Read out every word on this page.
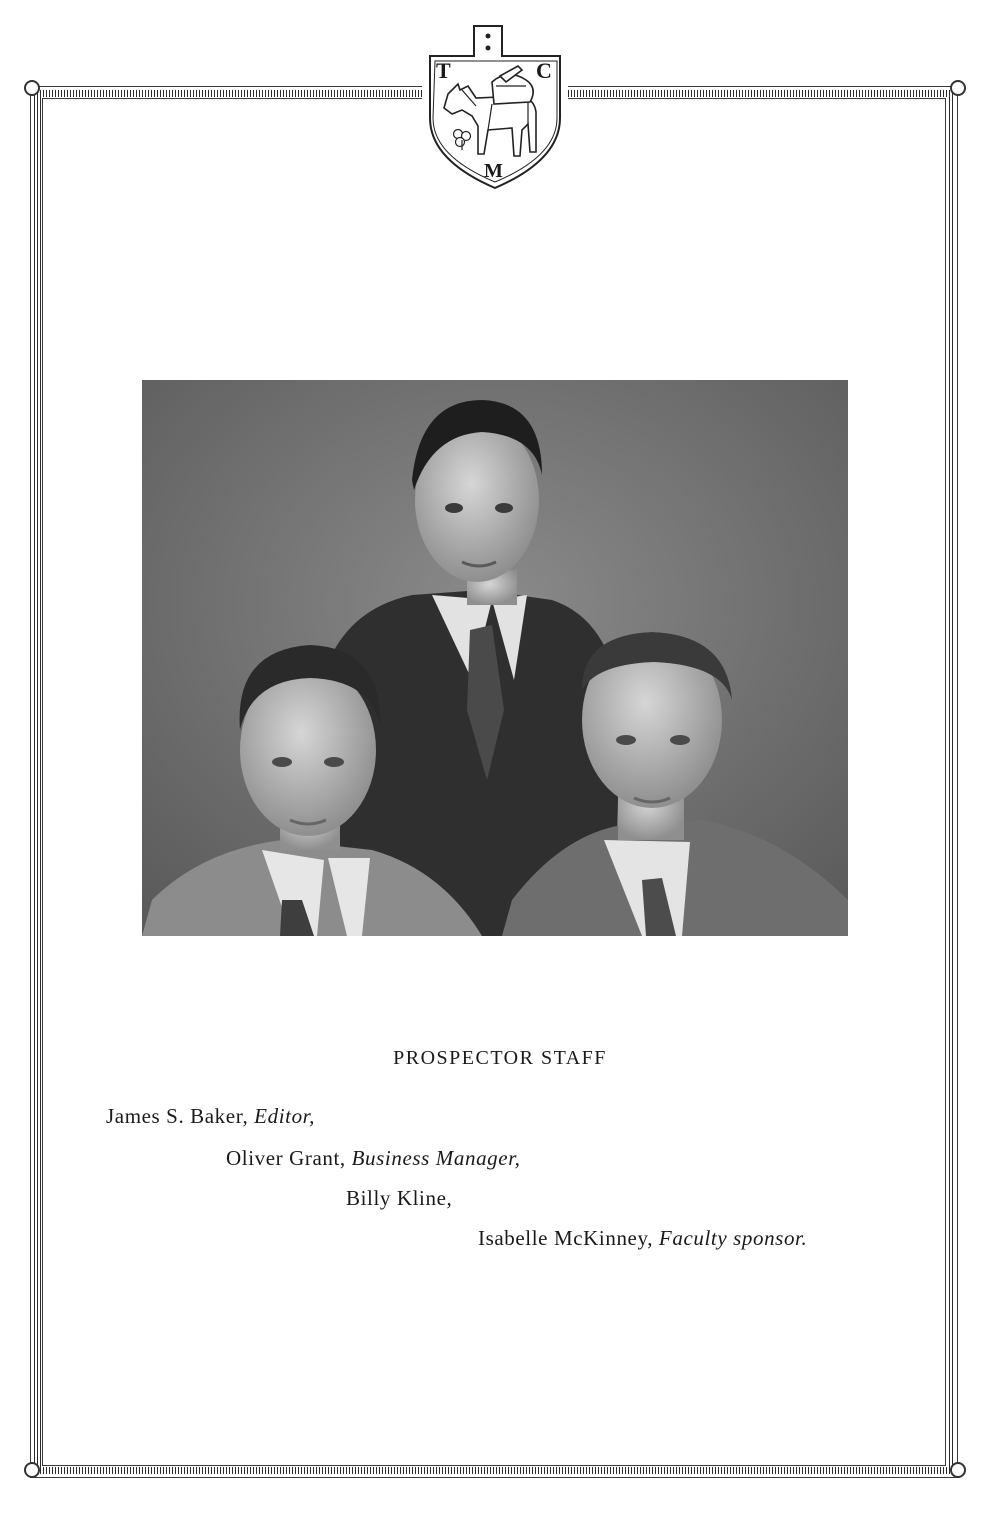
T	C
M
PROSPECTOR STAFF

James S. Baker, Editor,

Oliver Grant, Business Manager,

Billy Kline,

Isabelle McKinney, Faculty sponsor.
